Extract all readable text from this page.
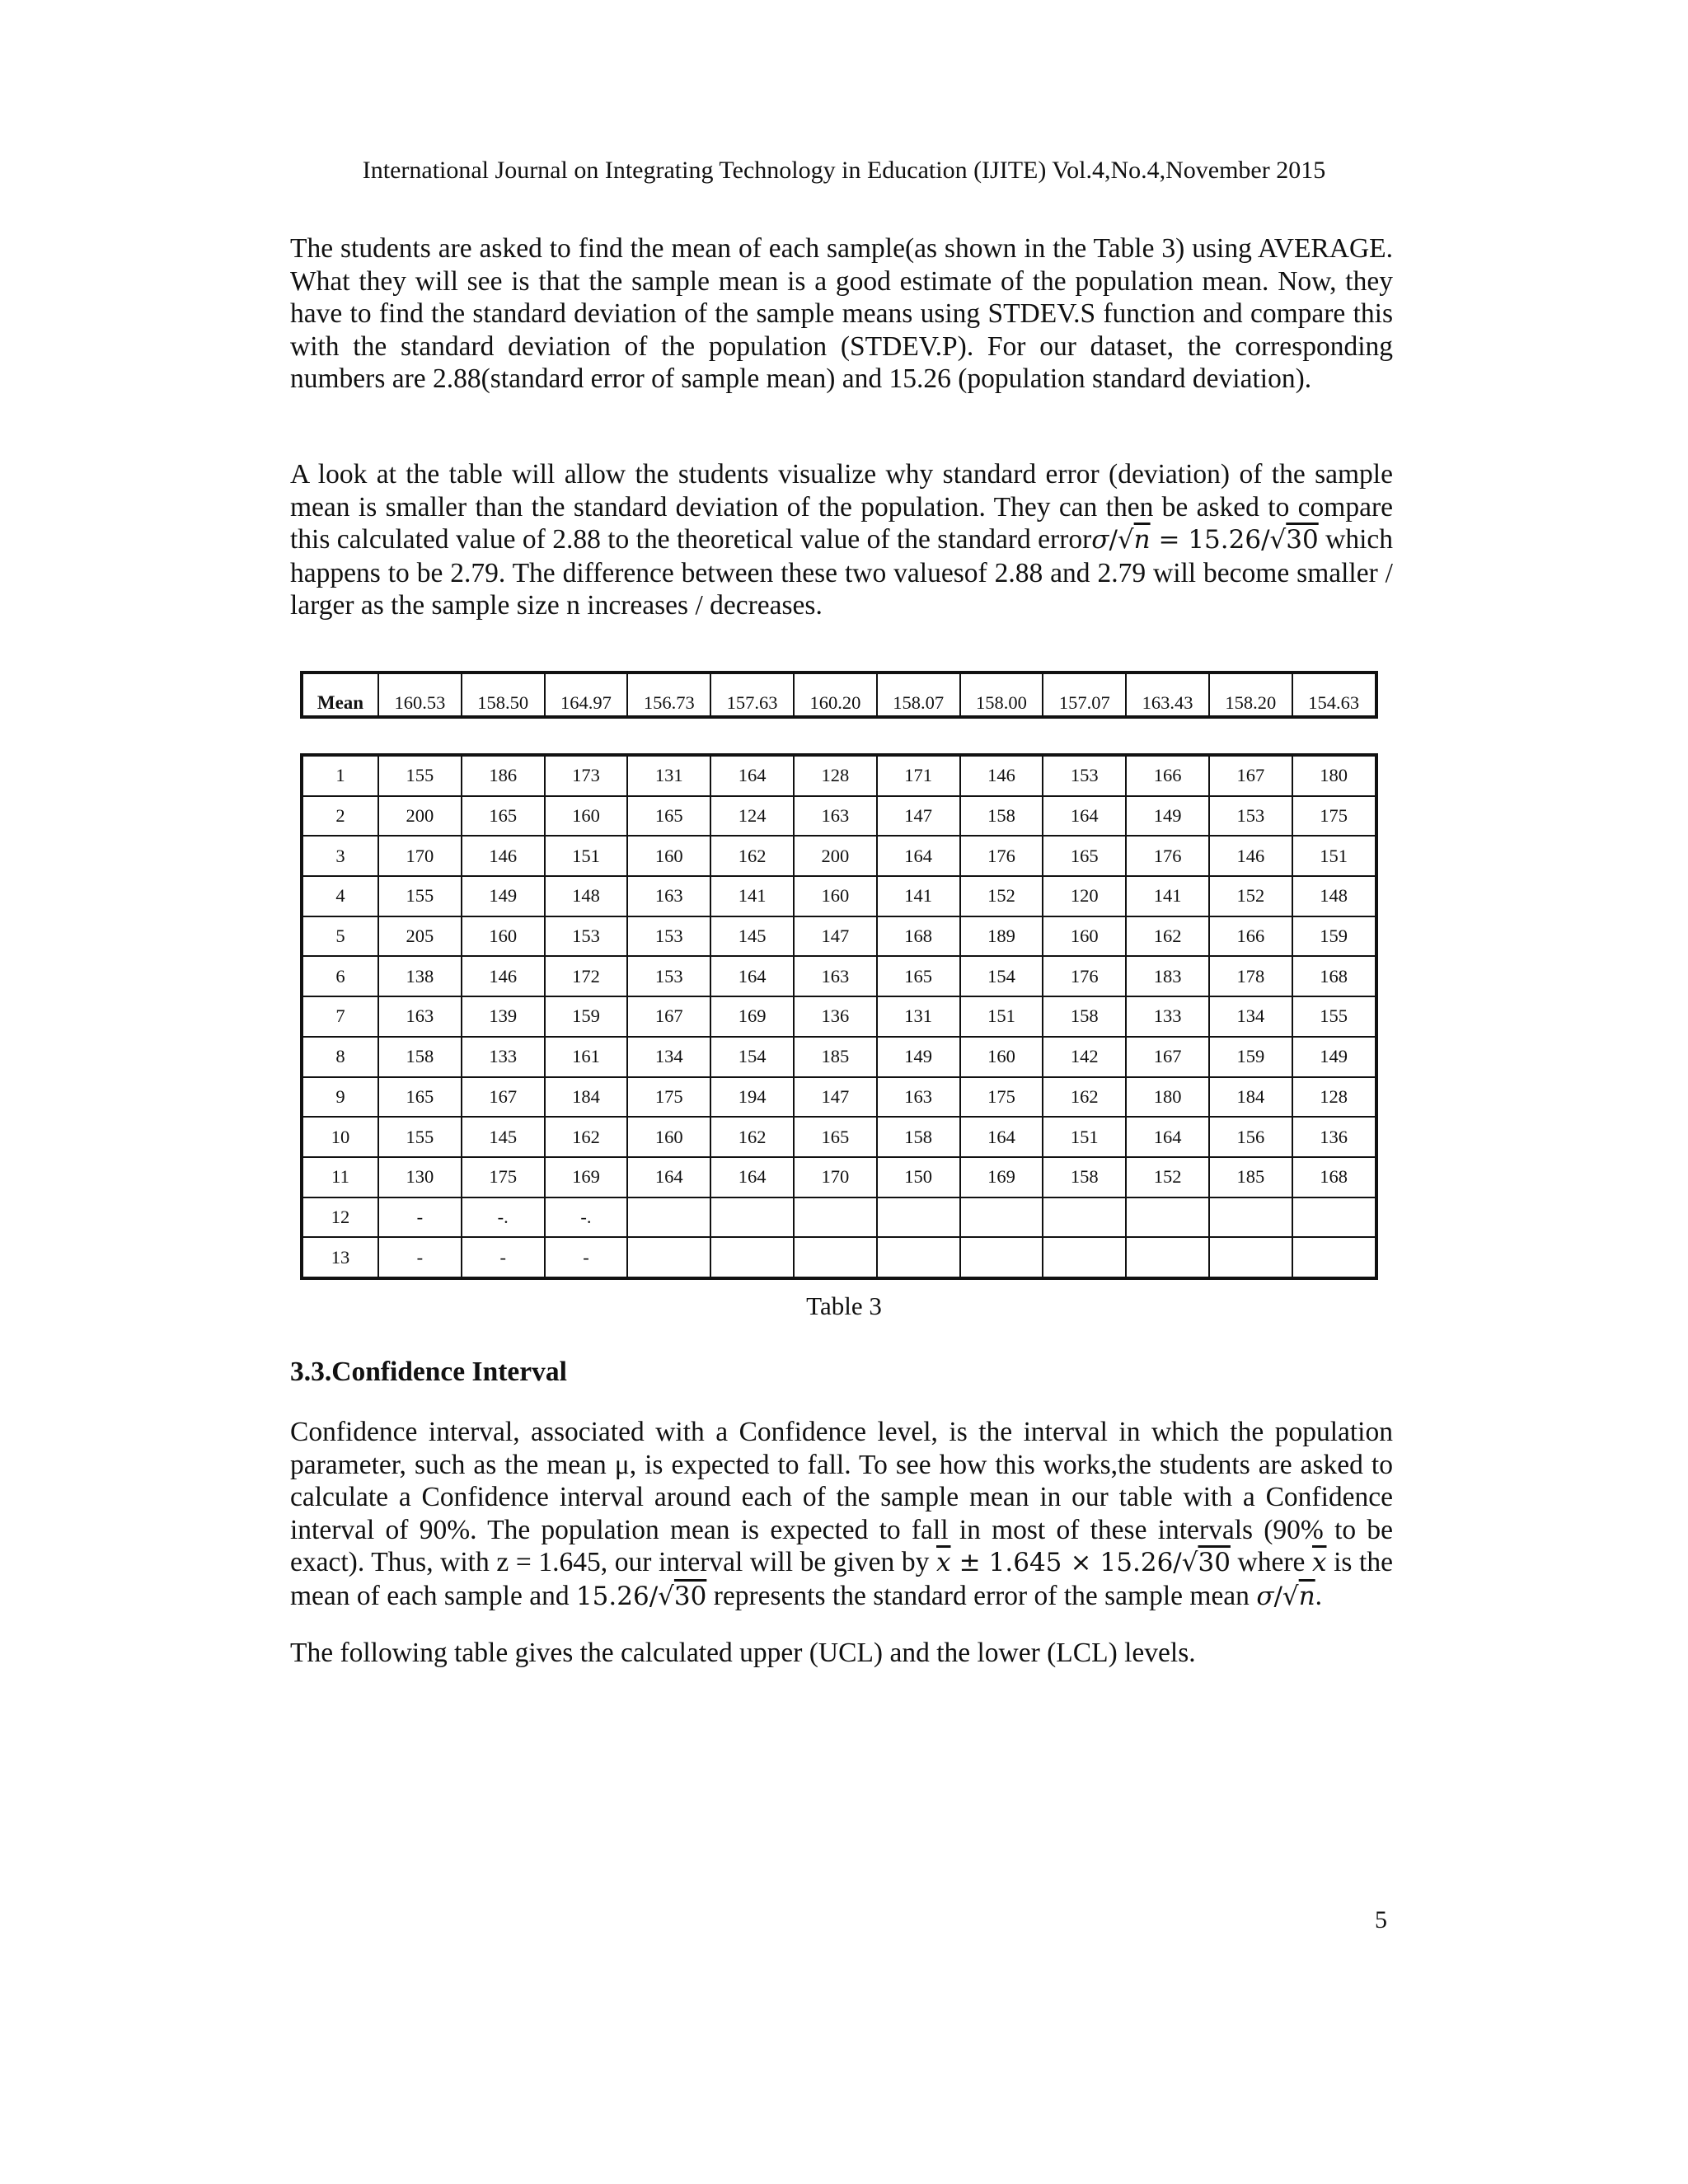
International Journal on Integrating Technology in Education (IJITE) Vol.4,No.4,November 2015
The students are asked to find the mean of each sample(as shown in the Table 3) using AVERAGE. What they will see is that the sample mean is a good estimate of the population mean. Now, they have to find the standard deviation of the sample means using STDEV.S function and compare this with the standard deviation of the population (STDEV.P). For our dataset, the corresponding numbers are 2.88(standard error of sample mean) and 15.26 (population standard deviation).
A look at the table will allow the students visualize why standard error (deviation) of the sample mean is smaller than the standard deviation of the population. They can then be asked to compare this calculated value of 2.88 to the theoretical value of the standard errorσ/√n = 15.26/√30 which happens to be 2.79. The difference between these two valuesof 2.88 and 2.79 will become smaller / larger as the sample size n increases / decreases.
Mean	160.53	158.50	164.97	156.73	157.63	160.20	158.07	158.00	157.07	163.43	158.20	154.63
1	155	186	173	131	164	128	171	146	153	166	167	180
2	200	165	160	165	124	163	147	158	164	149	153	175
3	170	146	151	160	162	200	164	176	165	176	146	151
4	155	149	148	163	141	160	141	152	120	141	152	148
5	205	160	153	153	145	147	168	189	160	162	166	159
6	138	146	172	153	164	163	165	154	176	183	178	168
7	163	139	159	167	169	136	131	151	158	133	134	155
8	158	133	161	134	154	185	149	160	142	167	159	149
9	165	167	184	175	194	147	163	175	162	180	184	128
10	155	145	162	160	162	165	158	164	151	164	156	136
11	130	175	169	164	164	170	150	169	158	152	185	168
12	-	-.	-.									
13	-	-	-									
Table 3
3.3.Confidence Interval
Confidence interval, associated with a Confidence level, is the interval in which the population parameter, such as the mean μ, is expected to fall. To see how this works,the students are asked to calculate a Confidence interval around each of the sample mean in our table with a Confidence interval of 90%. The population mean is expected to fall in most of these intervals (90% to be exact). Thus, with z = 1.645, our interval will be given by $\overline{x} \pm 1.645 \times 15.26/√30$ where $\overline{x}$ is the mean of each sample and 15.26/√30 represents the standard error of the sample mean σ/√n.
The following table gives the calculated upper (UCL) and the lower (LCL) levels.
5
